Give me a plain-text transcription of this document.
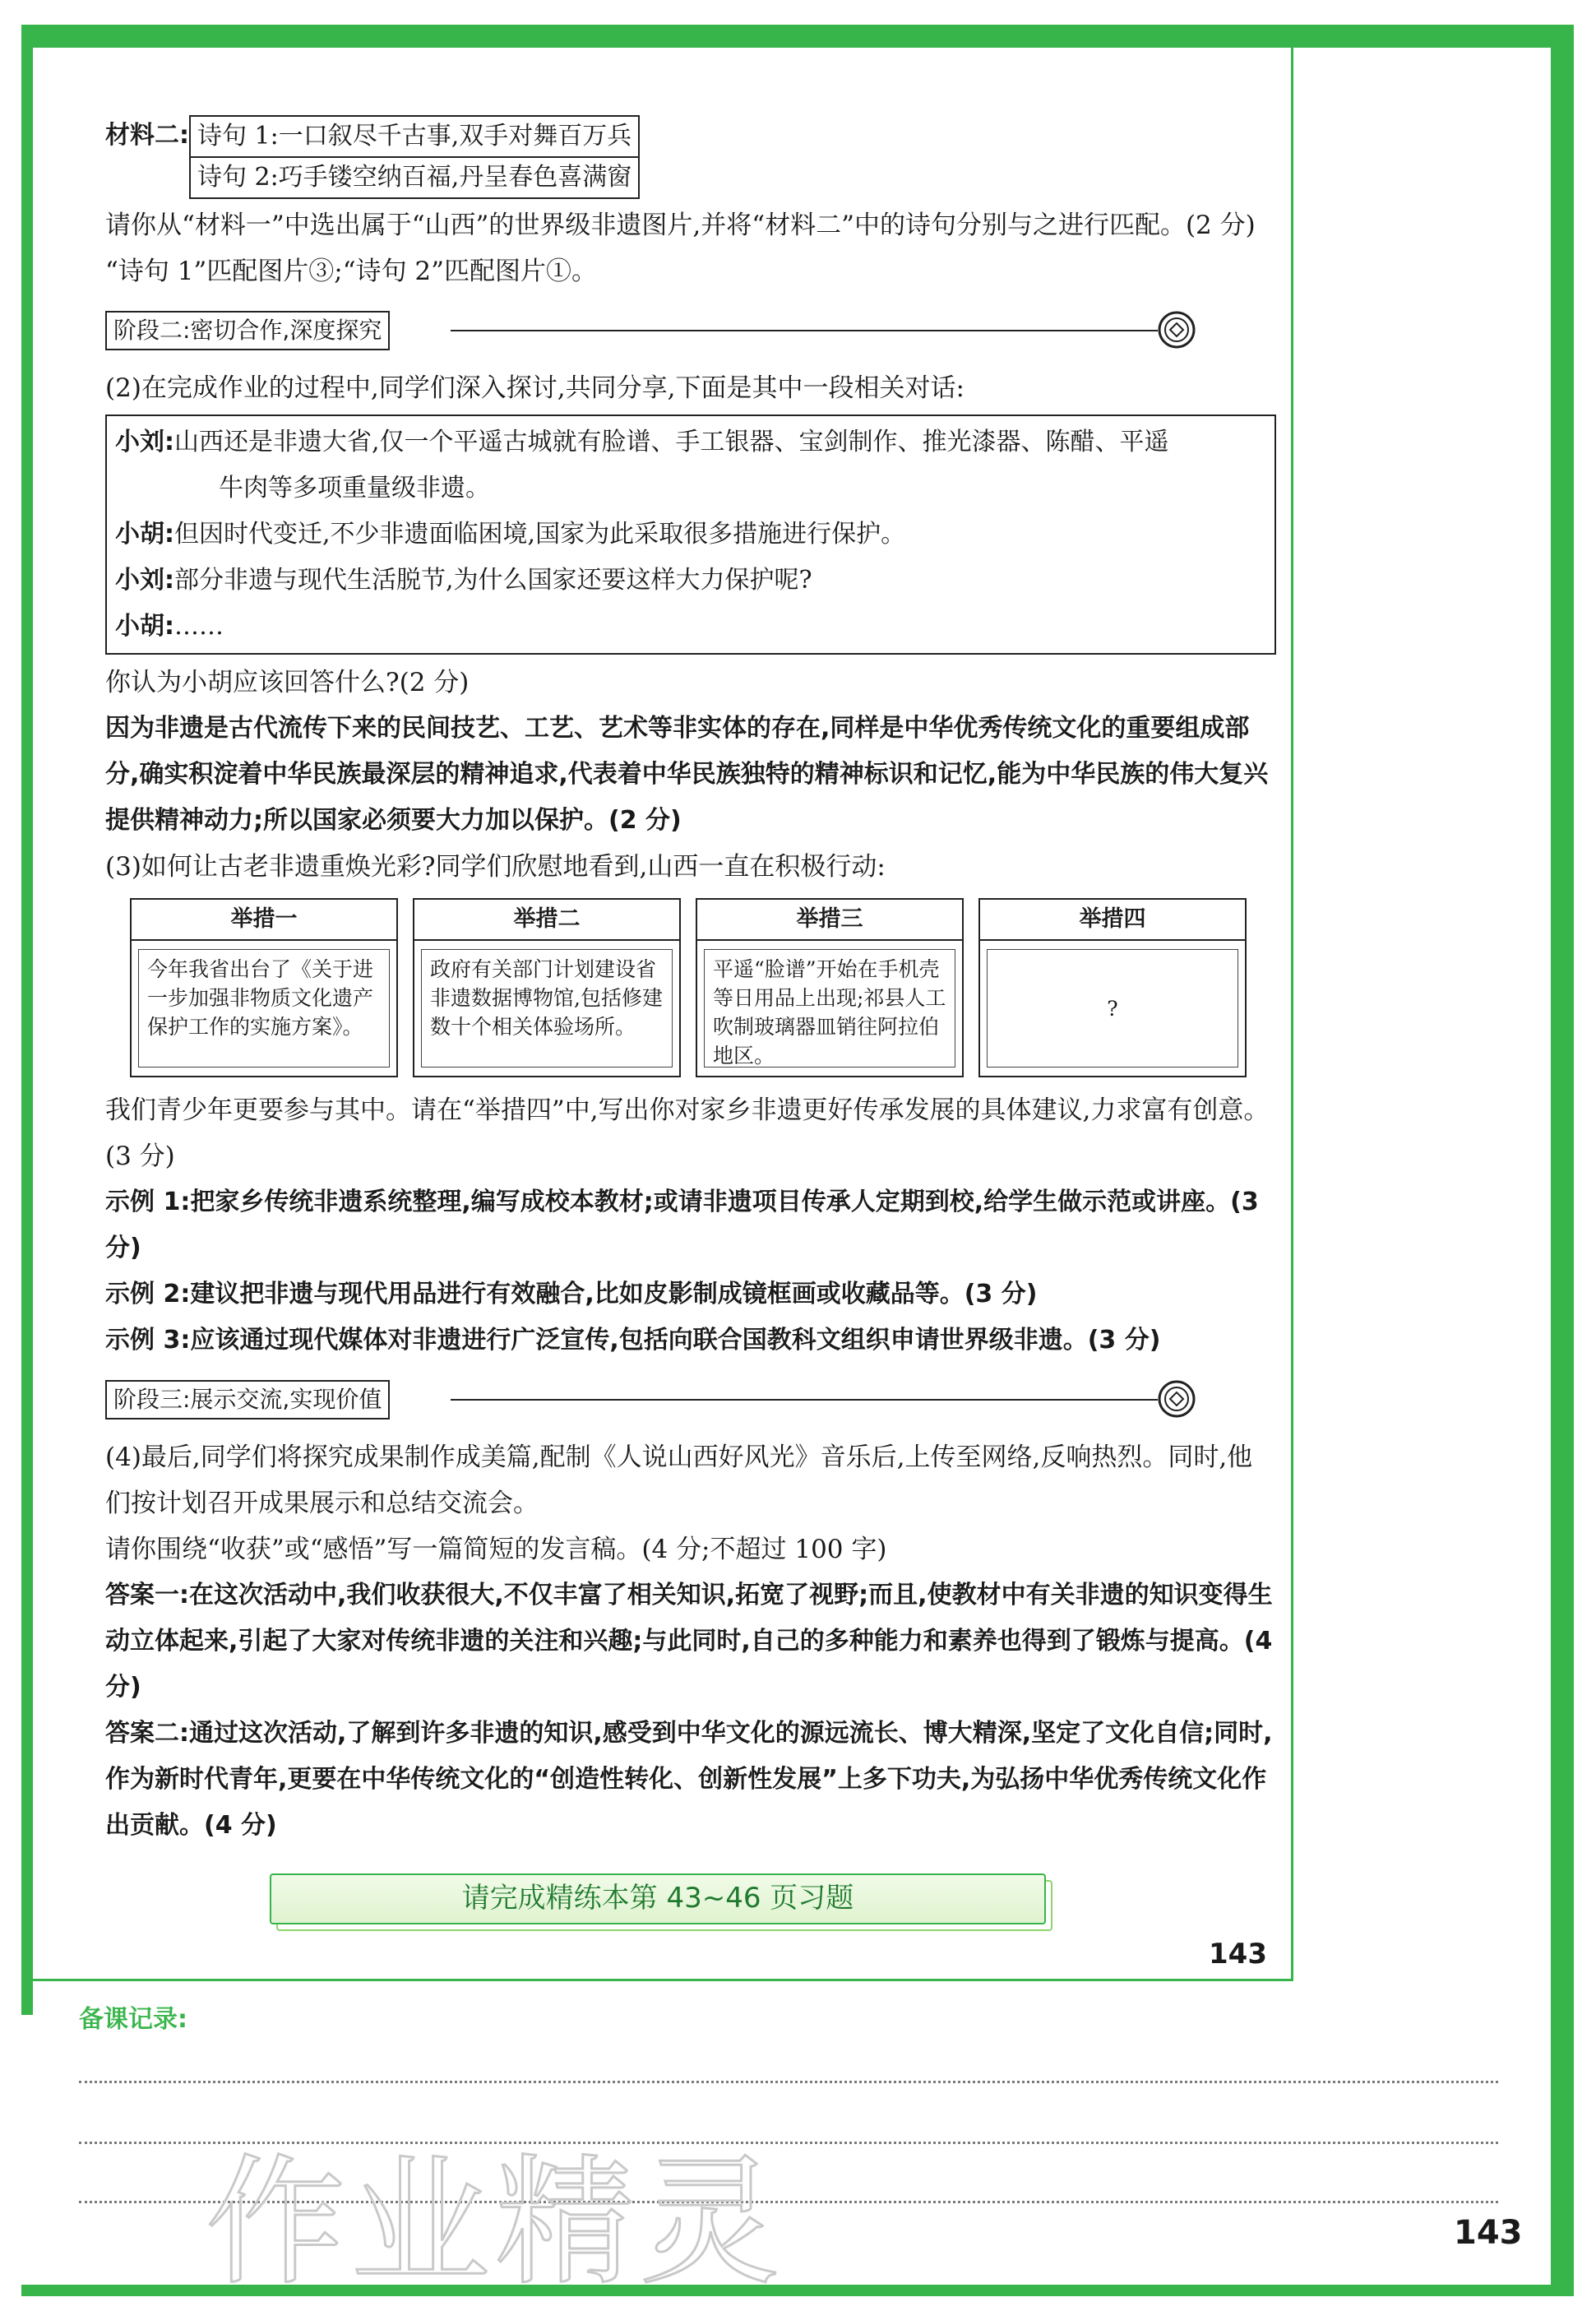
材料二: 诗句 1:一口叙尽千古事,双手对舞百万兵
诗句 2:巧手镂空纳百福,丹呈春色喜满窗

请你从“材料一”中选出属于“山西”的世界级非遗图片,并将“材料二”中的诗句分别与之进行匹配。(2 分)

“诗句 1”匹配图片③;“诗句 2”匹配图片①。

阶段二:密切合作,深度探究

(2)在完成作业的过程中,同学们深入探讨,共同分享,下面是其中一段相关对话:

小刘: 山西还是非遗大省,仅一个平遥古城就有脸谱、手工银器、宝剑制作、推光漆器、陈醋、平遥
牛肉等多项重量级非遗。
小胡: 但因时代变迁,不少非遗面临困境,国家为此采取很多措施进行保护。
小刘: 部分非遗与现代生活脱节,为什么国家还要这样大力保护呢?
小胡: ……

你认为小胡应该回答什么?(2 分)

因为非遗是古代流传下来的民间技艺、工艺、艺术等非实体的存在,同样是中华优秀传统文化的重要组成部分,确实积淀着中华民族最深层的精神追求,代表着中华民族独特的精神标识和记忆,能为中华民族的伟大复兴提供精神动力;所以国家必须要大力加以保护。(2 分)

(3)如何让古老非遗重焕光彩?同学们欣慰地看到,山西一直在积极行动:

举措一
今年我省出台了《关于进一步加强非物质文化遗产保护工作的实施方案》。
举措二
政府有关部门计划建设省非遗数据博物馆,包括修建数十个相关体验场所。
举措三
平遥“脸谱”开始在手机壳等日用品上出现;祁县人工吹制玻璃器皿销往阿拉伯地区。
举措四
?

我们青少年更要参与其中。请在“举措四”中,写出你对家乡非遗更好传承发展的具体建议,力求富有创意。(3 分)

示例 1:把家乡传统非遗系统整理,编写成校本教材;或请非遗项目传承人定期到校,给学生做示范或讲座。(3 分)

示例 2:建议把非遗与现代用品进行有效融合,比如皮影制成镜框画或收藏品等。(3 分)

示例 3:应该通过现代媒体对非遗进行广泛宣传,包括向联合国教科文组织申请世界级非遗。(3 分)

阶段三:展示交流,实现价值

(4)最后,同学们将探究成果制作成美篇,配制《人说山西好风光》音乐后,上传至网络,反响热烈。同时,他们按计划召开成果展示和总结交流会。

请你围绕“收获”或“感悟”写一篇简短的发言稿。(4 分;不超过 100 字)

答案一:在这次活动中,我们收获很大,不仅丰富了相关知识,拓宽了视野;而且,使教材中有关非遗的知识变得生动立体起来,引起了大家对传统非遗的关注和兴趣;与此同时,自己的多种能力和素养也得到了锻炼与提高。(4 分)

答案二:通过这次活动,了解到许多非遗的知识,感受到中华文化的源远流长、博大精深,坚定了文化自信;同时,作为新时代青年,更要在中华传统文化的“创造性转化、创新性发展”上多下功夫,为弘扬中华优秀传统文化作出贡献。(4 分)

请完成精练本第 43~46 页习题
143
备课记录:
作业精灵	143
